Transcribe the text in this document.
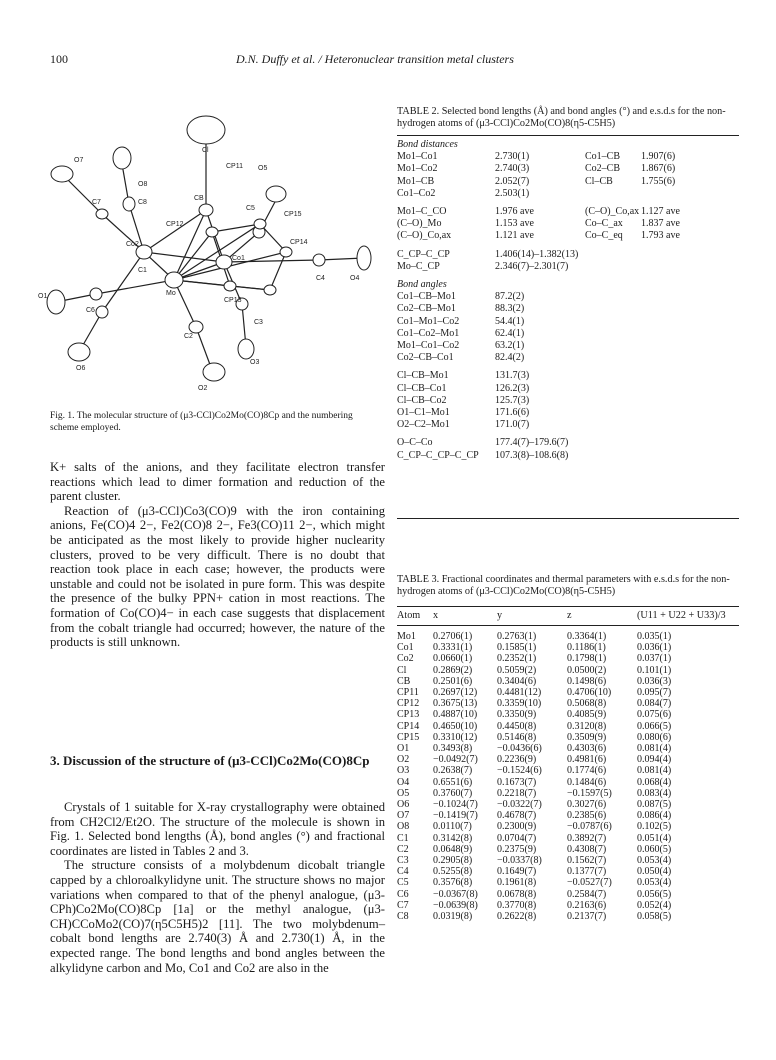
100	D.N. Duffy et al. / Heteronuclear transition metal clusters
Cl
O7
CP11 O5
C7
O8
C8
CB
C5
CP15
Co2
CP12
Co1
CP14
Mo
C1
CP13
C4	O4
O1
C6
C3
O6
C2
O3
O2
Fig. 1. The molecular structure of (μ3-CCl)Co2Mo(CO)8Cp and the numbering scheme employed.

K+ salts of the anions, and they facilitate electron transfer reactions which lead to dimer formation and reduction of the parent cluster.

Reaction of (μ3-CCl)Co3(CO)9 with the iron containing anions, Fe(CO)4 2−, Fe2(CO)8 2−, Fe3(CO)11 2−, which might be anticipated as the most likely to provide higher nuclearity clusters, proved to be very difficult. There is no doubt that reaction took place in each case; however, the products were unstable and could not be isolated in pure form. This was despite the presence of the bulky PPN+ cation in most reactions. The formation of Co(CO)4− in each case suggests that displacement from the cobalt triangle had occurred; however, the nature of the products is still unknown.

3. Discussion of the structure of (μ3-CCl)Co2Mo(CO)8Cp

Crystals of 1 suitable for X-ray crystallography were obtained from CH2Cl2/Et2O. The structure of the molecule is shown in Fig. 1. Selected bond lengths (Å), bond angles (°) and fractional coordinates are listed in Tables 2 and 3.

The structure consists of a molybdenum dicobalt triangle capped by a chloroalkylidyne unit. The structure shows no major variations when compared to that of the phenyl analogue, (μ3-CPh)Co2Mo(CO)8Cp [1a] or the methyl analogue, (μ3-CH)CCoMo2(CO)7(η5C5H5)2 [11]. The two molybdenum–cobalt bond lengths are 2.740(3) Å and 2.730(1) Å, in the expected range. The bond lengths and bond angles between the alkylidyne carbon and Mo, Co1 and Co2 are also in the

TABLE 2. Selected bond lengths (Å) and bond angles (°) and e.s.d.s for the non-hydrogen atoms of (μ3-CCl)Co2Mo(CO)8(η5-C5H5)
Bond distances
Mo1–Co1	2.730(1)	Co1–CB	1.907(6)
Mo1–Co2	2.740(3)	Co2–CB	1.867(6)
Mo1–CB	2.052(7)	Cl–CB	1.755(6)
Co1–Co2	2.503(1)
Mo1–C_CO	1.976 ave	(C–O)_Co,ax 1.127 ave
(C–O)_Mo	1.153 ave	Co–C_ax	1.837 ave
(C–O)_Co,ax	1.121 ave	Co–C_eq	1.793 ave
C_CP–C_CP	1.406(14)–1.382(13)
Mo–C_CP	2.346(7)–2.301(7)
Bond angles
Co1–CB–Mo1	87.2(2)
Co2–CB–Mo1	88.3(2)
Co1–Mo1–Co2	54.4(1)
Co1–Co2–Mo1	62.4(1)
Mo1–Co1–Co2	63.2(1)
Co2–CB–Co1	82.4(2)
Cl–CB–Mo1	131.7(3)
Cl–CB–Co1	126.2(3)
Cl–CB–Co2	125.7(3)
O1–C1–Mo1	171.6(6)
O2–C2–Mo1	171.0(7)
O–C–Co	177.4(7)–179.6(7)
C_CP–C_CP–C_CP	107.3(8)–108.6(8)
TABLE 3. Fractional coordinates and thermal parameters with e.s.d.s for the non-hydrogen atoms of (μ3-CCl)Co2Mo(CO)8(η5-C5H5)
Atom	x	y	z	(U11 + U22 + U33)/3
Mo1	0.2706(1)	0.2763(1)	0.3364(1)	0.035(1)
Co1	0.3331(1)	0.1585(1)	0.1186(1)	0.036(1)
Co2	0.0660(1)	0.2352(1)	0.1798(1)	0.037(1)
Cl	0.2869(2)	0.5059(2)	0.0500(2)	0.101(1)
CB	0.2501(6)	0.3404(6)	0.1498(6)	0.036(3)
CP11	0.2697(12)	0.4481(12)	0.4706(10)	0.095(7)
CP12	0.3675(13)	0.3359(10)	0.5068(8)	0.084(7)
CP13	0.4887(10)	0.3350(9)	0.4085(9)	0.075(6)
CP14	0.4650(10)	0.4450(8)	0.3120(8)	0.066(5)
CP15	0.3310(12)	0.5146(8)	0.3509(9)	0.080(6)
O1	0.3493(8)	−0.0436(6)	0.4303(6)	0.081(4)
O2	−0.0492(7)	0.2236(9)	0.4981(6)	0.094(4)
O3	0.2638(7)	−0.1524(6)	0.1774(6)	0.081(4)
O4	0.6551(6)	0.1673(7)	0.1484(6)	0.068(4)
O5	0.3760(7)	0.2218(7)	−0.1597(5)	0.083(4)
O6	−0.1024(7)	−0.0322(7)	0.3027(6)	0.087(5)
O7	−0.1419(7)	0.4678(7)	0.2385(6)	0.086(4)
O8	0.0110(7)	0.2300(9)	−0.0787(6)	0.102(5)
C1	0.3142(8)	0.0704(7)	0.3892(7)	0.051(4)
C2	0.0648(9)	0.2375(9)	0.4308(7)	0.060(5)
C3	0.2905(8)	−0.0337(8)	0.1562(7)	0.053(4)
C4	0.5255(8)	0.1649(7)	0.1377(7)	0.050(4)
C5	0.3576(8)	0.1961(8)	−0.0527(7)	0.053(4)
C6	−0.0367(8)	0.0678(8)	0.2584(7)	0.056(5)
C7	−0.0639(8)	0.3770(8)	0.2163(6)	0.052(4)
C8	0.0319(8)	0.2622(8)	0.2137(7)	0.058(5)
